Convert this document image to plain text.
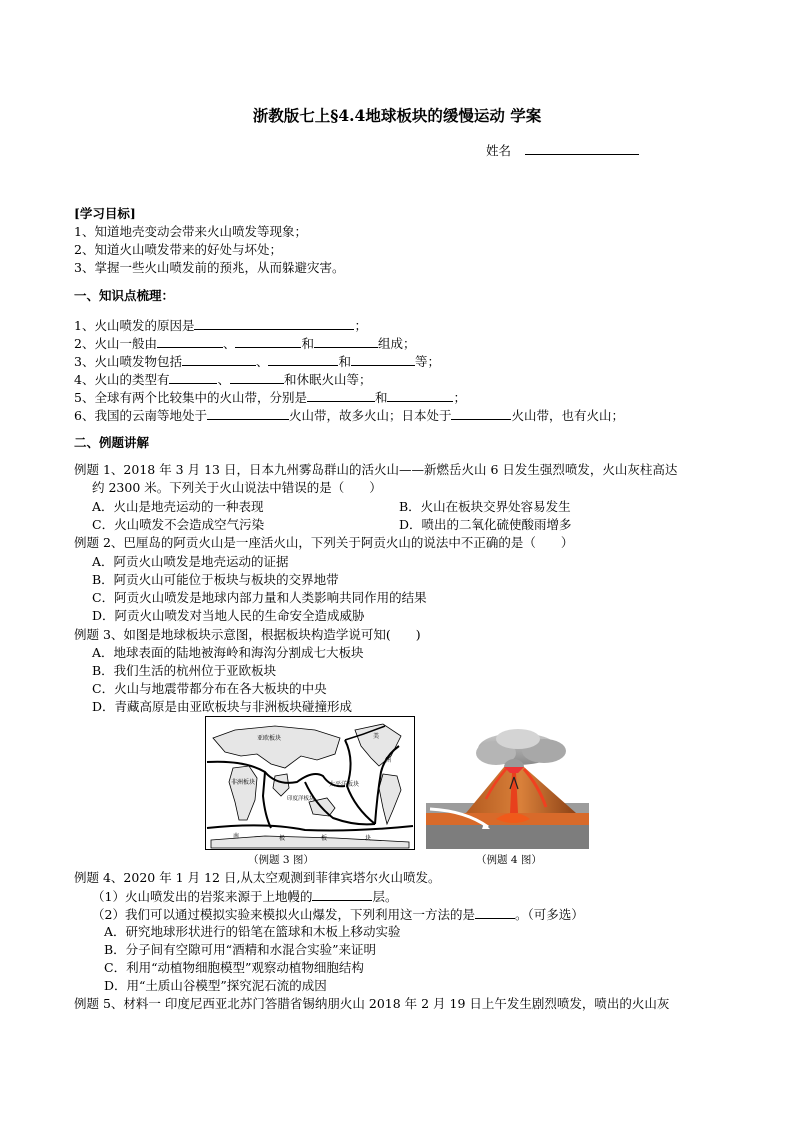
浙教版七上§4.4地球板块的缓慢运动 学案
姓名
[学习目标]
1、知道地壳变动会带来火山喷发等现象；
2、知道火山喷发带来的好处与坏处；
3、掌握一些火山喷发前的预兆，从而躲避灾害。
一、知识点梳理：
1、火山喷发的原因是	；
2、火山一般由	、	和	组成；
3、火山喷发物包括	、	和	等；
4、火山的类型有	、	和休眠火山等；
5、全球有两个比较集中的火山带，分别是	和	；
6、我国的云南等地处于	火山带，故多火山；日本处于	火山带，也有火山；
二、例题讲解
例题 1、2018 年 3 月 13 日，日本九州雾岛群山的活火山——新燃岳火山 6 日发生强烈喷发，火山灰柱高达
约 2300 米。下列关于火山说法中错误的是（　　）
A．火山是地壳运动的一种表现	B．火山在板块交界处容易发生
C．火山喷发不会造成空气污染	D．喷出的二氧化硫使酸雨增多
例题 2、巴厘岛的阿贡火山是一座活火山，下列关于阿贡火山的说法中不正确的是（　　）
A．阿贡火山喷发是地壳运动的证据
B．阿贡火山可能位于板块与板块的交界地带
C．阿贡火山喷发是地球内部力量和人类影响共同作用的结果
D．阿贡火山喷发对当地人民的生命安全造成威胁
例题 3、如图是地球板块示意图，根据板块构造学说可知(　　)
A．地球表面的陆地被海岭和海沟分割成七大板块
B．我们生活的杭州位于亚欧板块
C．火山与地震带都分布在各大板块的中央
D．青藏高原是由亚欧板块与非洲板块碰撞形成
亚欧板块	美
非洲板块
印度洋板块
太平洋板块
洲
南	极	板	块
（例题 3 图）	（例题 4 图）
例题 4、2020 年 1 月 12 日,从太空观测到菲律宾塔尔火山喷发。
（1）火山喷发出的岩浆来源于上地幔的	层。
（2）我们可以通过模拟实验来模拟火山爆发，下列利用这一方法的是	。（可多选）
A．研究地球形状进行的铅笔在篮球和木板上移动实验
B．分子间有空隙可用“酒精和水混合实验”来证明
C．利用“动植物细胞模型”观察动植物细胞结构
D．用“土质山谷模型”探究泥石流的成因
例题 5、材料一 印度尼西亚北苏门答腊省锡纳朋火山 2018 年 2 月 19 日上午发生剧烈喷发，喷出的火山灰
